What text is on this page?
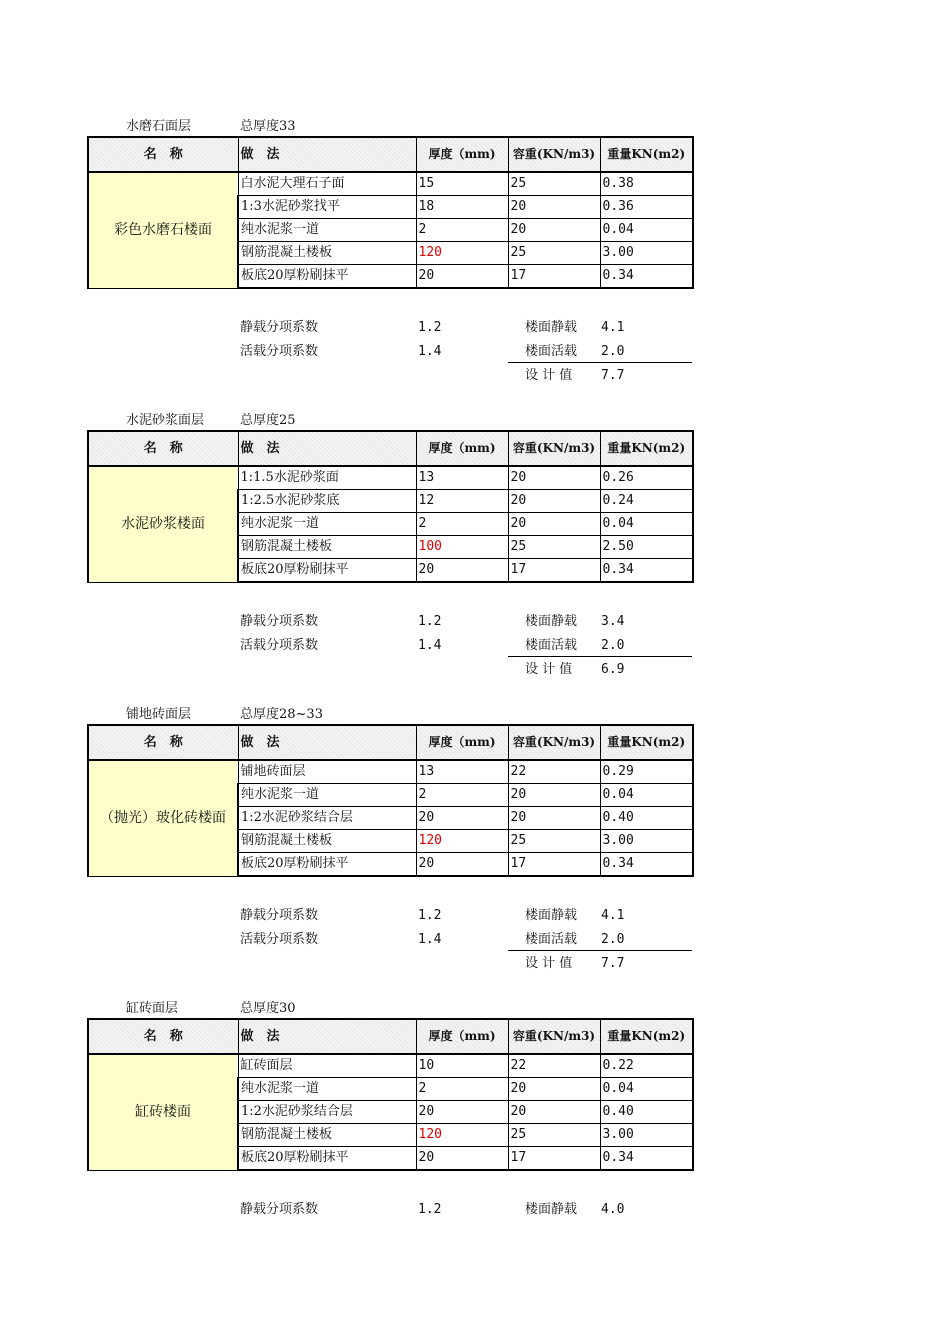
水磨石面层	总厚度33
名　称	做　法	厚度（mm)	容重(KN/m3)	重量KN(m2)
彩色水磨石楼面	白水泥大理石子面	15	25	0.38
	1:3水泥砂浆找平	18	20	0.36
	纯水泥浆一道	2	20	0.04
	钢筋混凝土楼板	120	25	3.00
	板底20厚粉刷抹平	20	17	0.34
静载分项系数	1.2	楼面静载 4.1
活载分项系数	1.4	楼面活载 2.0
设 计 值 7.7
水泥砂浆面层	总厚度25
名　称	做　法	厚度（mm)	容重(KN/m3)	重量KN(m2)
水泥砂浆楼面	1:1.5水泥砂浆面	13	20	0.26
	1:2.5水泥砂浆底	12	20	0.24
	纯水泥浆一道	2	20	0.04
	钢筋混凝土楼板	100	25	2.50
	板底20厚粉刷抹平	20	17	0.34
静载分项系数	1.2	楼面静载 3.4
活载分项系数	1.4	楼面活载 2.0
设 计 值 6.9
铺地砖面层	总厚度28~33
名　称	做　法	厚度（mm)	容重(KN/m3)	重量KN(m2)
（抛光）玻化砖楼面	铺地砖面层	13	22	0.29
	纯水泥浆一道	2	20	0.04
	1:2水泥砂浆结合层	20	20	0.40
	钢筋混凝土楼板	120	25	3.00
	板底20厚粉刷抹平	20	17	0.34
静载分项系数	1.2	楼面静载 4.1
活载分项系数	1.4	楼面活载 2.0
设 计 值 7.7
缸砖面层	总厚度30
名　称	做　法	厚度（mm)	容重(KN/m3)	重量KN(m2)
缸砖楼面	缸砖面层	10	22	0.22
	纯水泥浆一道	2	20	0.04
	1:2水泥砂浆结合层	20	20	0.40
	钢筋混凝土楼板	120	25	3.00
	板底20厚粉刷抹平	20	17	0.34
静载分项系数	1.2	楼面静载 4.0
